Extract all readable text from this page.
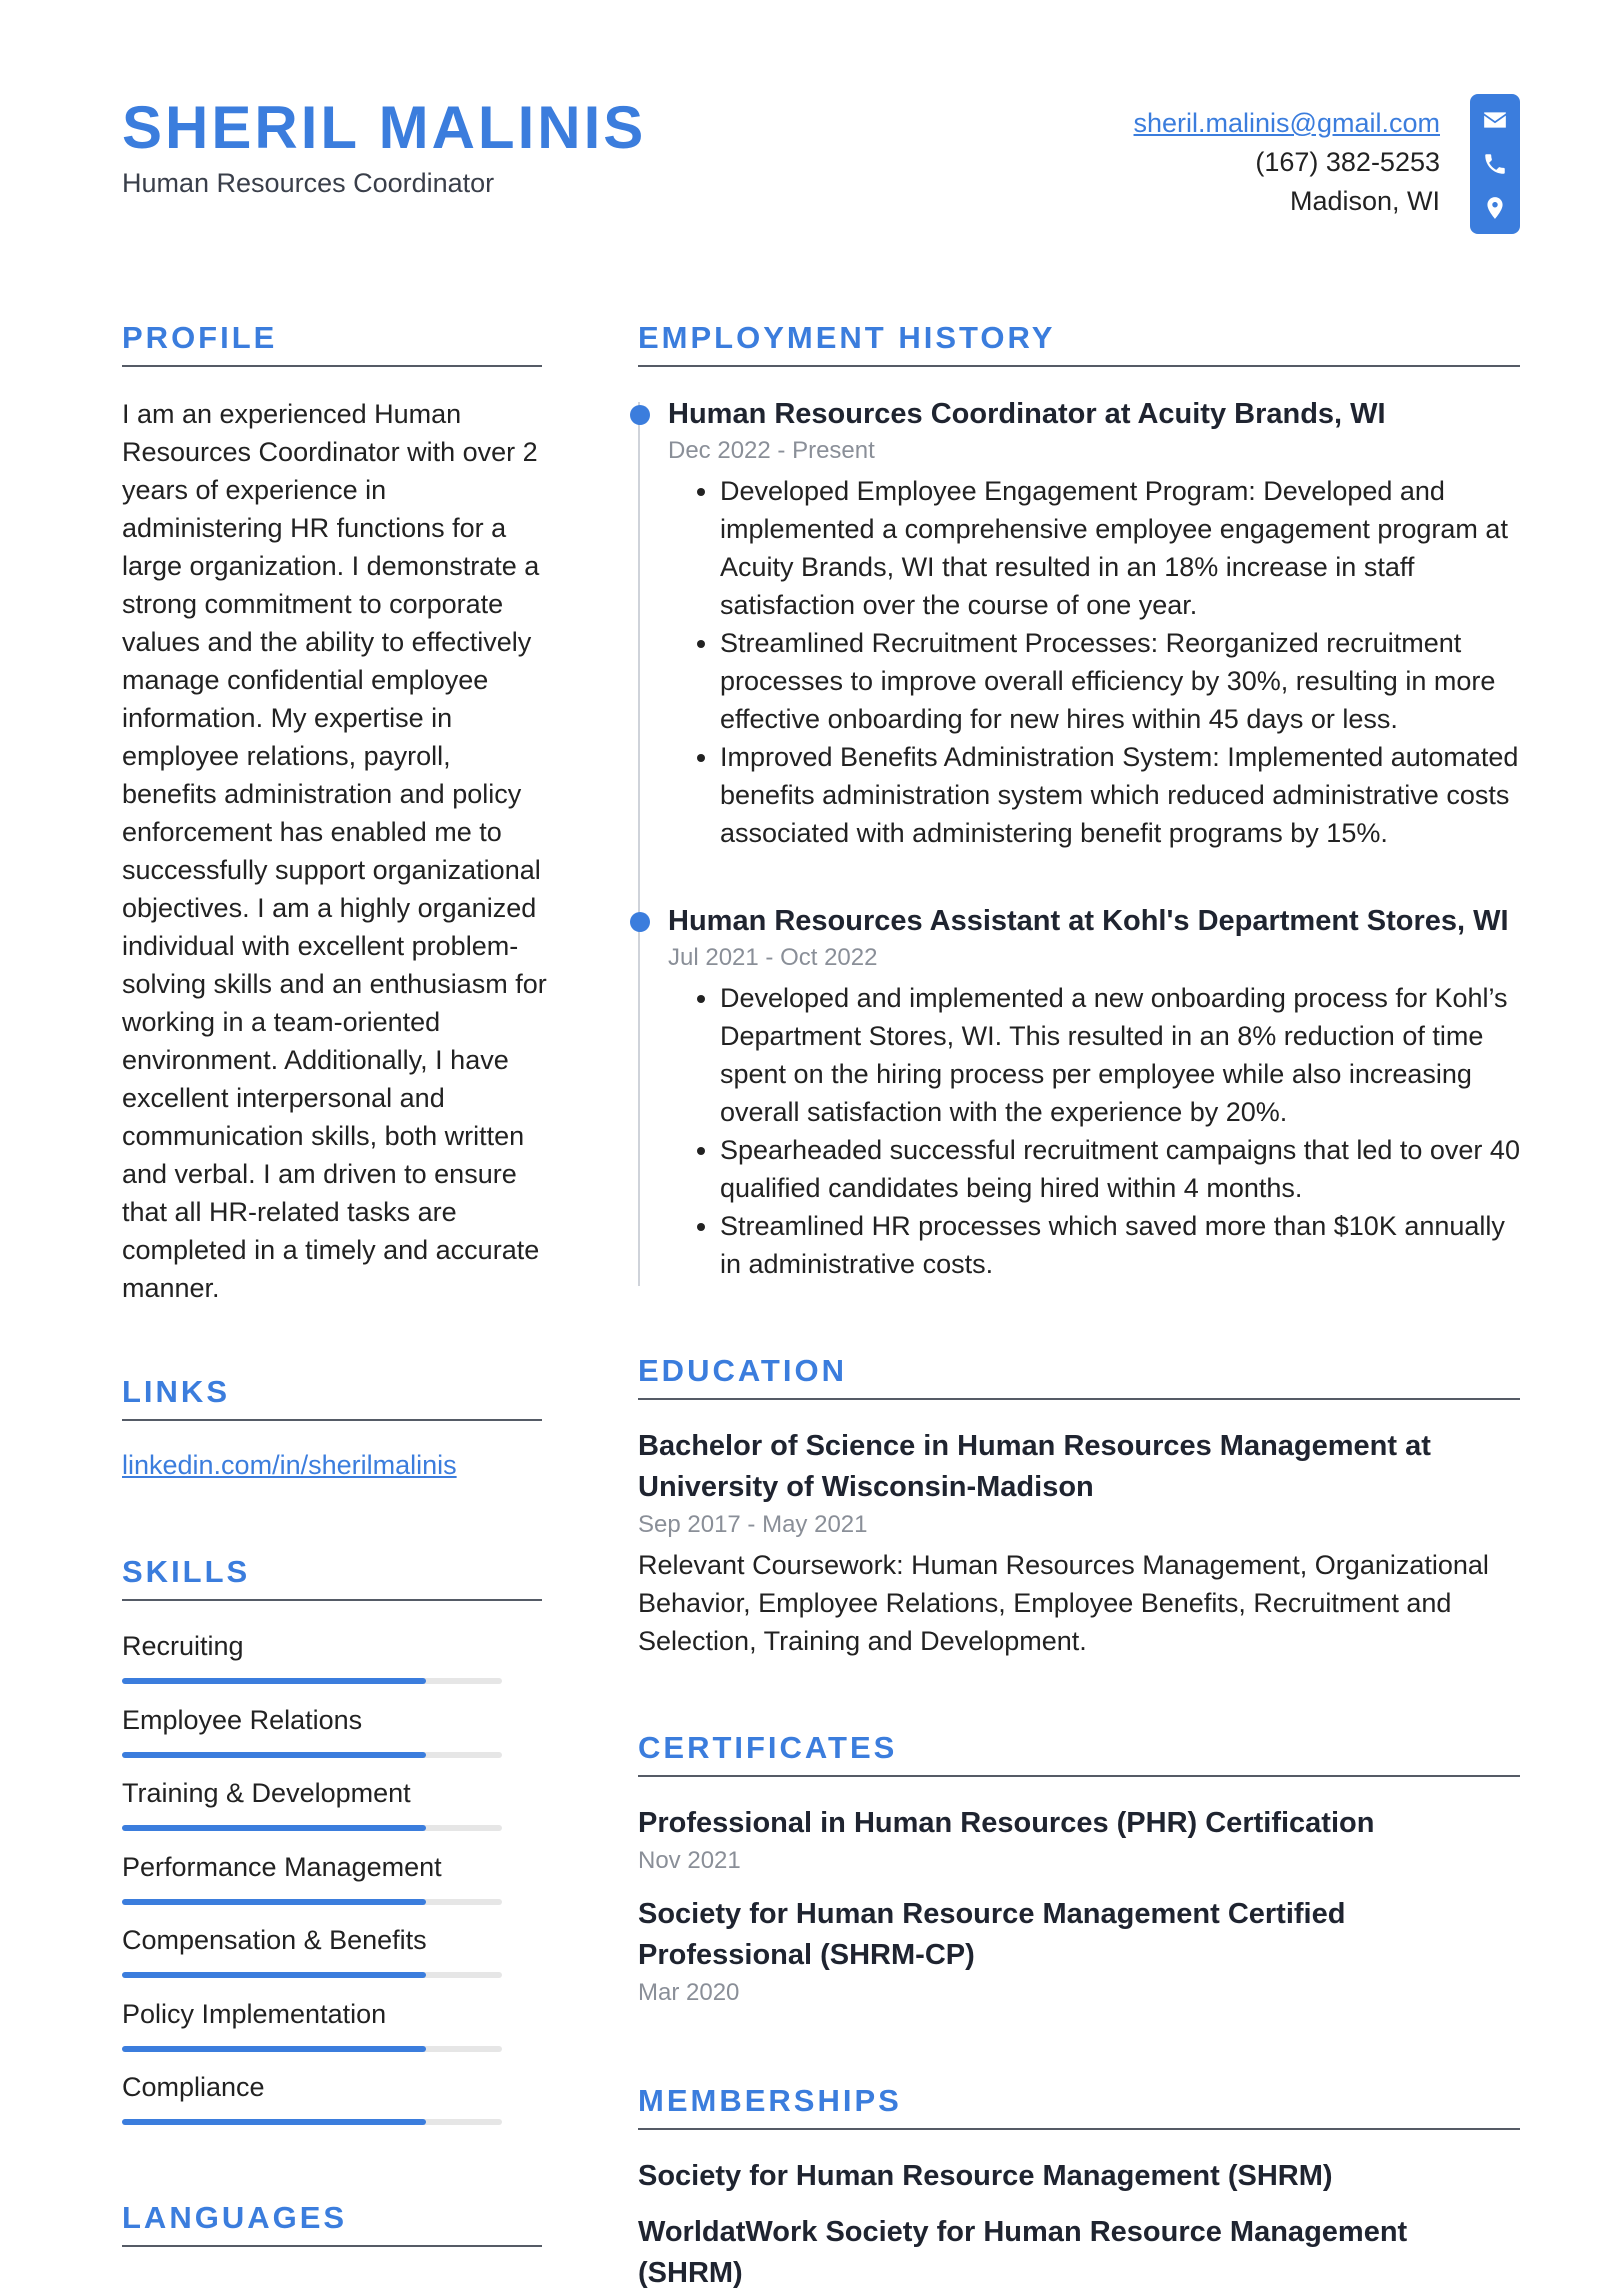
SHERIL MALINIS
Human Resources Coordinator
sheril.malinis@gmail.com
(167) 382-5253
Madison, WI
PROFILE

I am an experienced Human Resources Coordinator with over 2 years of experience in administering HR functions for a large organization. I demonstrate a strong commitment to corporate values and the ability to effectively manage confidential employee information. My expertise in employee relations, payroll, benefits administration and policy enforcement has enabled me to successfully support organizational objectives. I am a highly organized individual with excellent problem-solving skills and an enthusiasm for working in a team-oriented environment. Additionally, I have excellent interpersonal and communication skills, both written and verbal. I am driven to ensure that all HR-related tasks are completed in a timely and accurate manner.

LINKS
linkedin.com/in/sherilmalinis
SKILLS
Recruiting
Employee Relations
Training & Development
Performance Management
Compensation & Benefits
Policy Implementation
Compliance
LANGUAGES
EMPLOYMENT HISTORY
Human Resources Coordinator at Acuity Brands, WI
Dec 2022 - Present
• Developed Employee Engagement Program: Developed and implemented a comprehensive employee engagement program at Acuity Brands, WI that resulted in an 18% increase in staff satisfaction over the course of one year.
• Streamlined Recruitment Processes: Reorganized recruitment processes to improve overall efficiency by 30%, resulting in more effective onboarding for new hires within 45 days or less.
• Improved Benefits Administration System: Implemented automated benefits administration system which reduced administrative costs associated with administering benefit programs by 15%.
Human Resources Assistant at Kohl's Department Stores, WI
Jul 2021 - Oct 2022
• Developed and implemented a new onboarding process for Kohl’s Department Stores, WI. This resulted in an 8% reduction of time spent on the hiring process per employee while also increasing overall satisfaction with the experience by 20%.
• Spearheaded successful recruitment campaigns that led to over 40 qualified candidates being hired within 4 months.
• Streamlined HR processes which saved more than $10K annually in administrative costs.
EDUCATION
Bachelor of Science in Human Resources Management at University of Wisconsin-Madison
Sep 2017 - May 2021
Relevant Coursework: Human Resources Management, Organizational Behavior, Employee Relations, Employee Benefits, Recruitment and Selection, Training and Development.
CERTIFICATES
Professional in Human Resources (PHR) Certification
Nov 2021
Society for Human Resource Management Certified Professional (SHRM-CP)
Mar 2020
MEMBERSHIPS
Society for Human Resource Management (SHRM)
WorldatWork Society for Human Resource Management (SHRM)
